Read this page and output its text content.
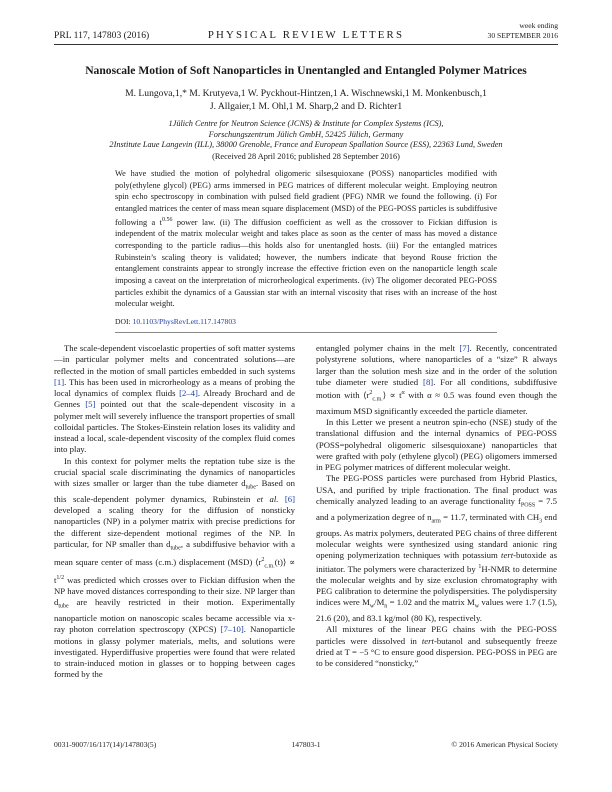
PRL 117, 147803 (2016)	PHYSICAL REVIEW LETTERS
week ending
30 SEPTEMBER 2016
Nanoscale Motion of Soft Nanoparticles in Unentangled and Entangled Polymer Matrices
M. Lungova,1,* M. Krutyeva,1 W. Pyckhout-Hintzen,1 A. Wischnewski,1 M. Monkenbusch,1
J. Allgaier,1 M. Ohl,1 M. Sharp,2 and D. Richter1
1Jülich Centre for Neutron Science (JCNS) & Institute for Complex Systems (ICS),
Forschungszentrum Jülich GmbH, 52425 Jülich, Germany
2Institute Laue Langevin (ILL), 38000 Grenoble, France and European Spallation Source (ESS), 22363 Lund, Sweden
(Received 28 April 2016; published 28 September 2016)
We have studied the motion of polyhedral oligomeric silsesquioxane (POSS) nanoparticles modified with poly(ethylene glycol) (PEG) arms immersed in PEG matrices of different molecular weight. Employing neutron spin echo spectroscopy in combination with pulsed field gradient (PFG) NMR we found the following. (i) For entangled matrices the center of mass mean square displacement (MSD) of the PEG-POSS particles is subdiffusive following a $t^{0.56}$ power law. (ii) The diffusion coefficient as well as the crossover to Fickian diffusion is independent of the matrix molecular weight and takes place as soon as the center of mass has moved a distance corresponding to the particle radius—this holds also for unentangled hosts. (iii) For the entangled matrices Rubinstein’s scaling theory is validated; however, the numbers indicate that beyond Rouse friction the entanglement constraints appear to strongly increase the effective friction even on the nanoparticle length scale imposing a caveat on the interpretation of microrheological experiments. (iv) The oligomer decorated PEG-POSS particles exhibit the dynamics of a Gaussian star with an internal viscosity that rises with an increase of the host molecular weight.
DOI: 10.1103/PhysRevLett.117.147803

The scale-dependent viscoelastic properties of soft matter systems—in particular polymer melts and concentrated solutions—are reflected in the motion of small particles embedded in such systems [1]. This has been used in microrheology as a means of probing the local dynamics of complex fluids [2–4]. Already Brochard and de Gennes [5] pointed out that the scale-dependent viscosity in a polymer melt will severely influence the transport properties of small colloidal particles. The Stokes-Einstein relation loses its validity and instead a local, scale-dependent viscosity of the complex fluid comes into play.

In this context for polymer melts the reptation tube size is the crucial spacial scale discriminating the dynamics of nanoparticles with sizes smaller or larger than the tube diameter $d_{tube}$. Based on this scale-dependent polymer dynamics, Rubinstein et al. [6] developed a scaling theory for the diffusion of nonsticky nanoparticles (NP) in a polymer matrix with precise predictions for the different size-dependent motional regimes of the NP. In particular, for NP smaller than $d_{tube}$, a subdiffusive behavior with a mean square center of mass (c.m.) displacement (MSD) $⟨r^2_{c.m.}(t)⟩ \propto t^{1/2}$ was predicted which crosses over to Fickian diffusion when the NP have moved distances corresponding to their size. NP larger than $d_{tube}$ are heavily restricted in their motion. Experimentally nanoparticle motion on nanoscopic scales became accessible via x-ray photon correlation spectroscopy (XPCS) [7–10]. Nanoparticle motions in glassy polymer materials, melts, and solutions were investigated. Hyperdiffusive properties were found that were related to strain-induced motion in glasses or to hopping between cages formed by the

entangled polymer chains in the melt [7]. Recently, concentrated polystyrene solutions, where nanoparticles of a “size” R always larger than the solution mesh size and in the order of the solution tube diameter were studied [8]. For all conditions, subdiffusive motion with $⟨r^2_{c.m.}⟩ \propto t^\alpha$ with α ≈ 0.5 was found even though the maximum MSD significantly exceeded the particle diameter.

In this Letter we present a neutron spin-echo (NSE) study of the translational diffusion and the internal dynamics of PEG-POSS (POSS=polyhedral oligomeric silsesquioxane) nanoparticles that were grafted with poly (ethylene glycol) (PEG) oligomers immersed in PEG polymer matrices of different molecular weight.

The PEG-POSS particles were purchased from Hybrid Plastics, USA, and purified by triple fractionation. The final product was chemically analyzed leading to an average functionality $f_{POSS} = 7.5$ and a polymerization degree of $n_{arm} = 11.7$, terminated with $CH_3$ end groups. As matrix polymers, deuterated PEG chains of three different molecular weights were synthesized using standard anionic ring opening polymerization techniques with potassium tert-butoxide as initiator. The polymers were characterized by $^1$H-NMR to determine the molecular weights and by size exclusion chromatography with PEG calibration to determine the polydispersities. The polydispersity indices were $M_w/M_n = 1.02$ and the matrix $M_w$ values were 1.7 (1.5), 21.6 (20), and 83.1 kg/mol (80 K), respectively.

All mixtures of the linear PEG chains with the PEG-POSS particles were dissolved in tert-butanol and subsequently freeze dried at T = −5 °C to ensure good dispersion. PEG-POSS in PEG are to be considered “nonsticky,”

0031-9007/16/117(14)/147803(5)	147803-1	© 2016 American Physical Society
